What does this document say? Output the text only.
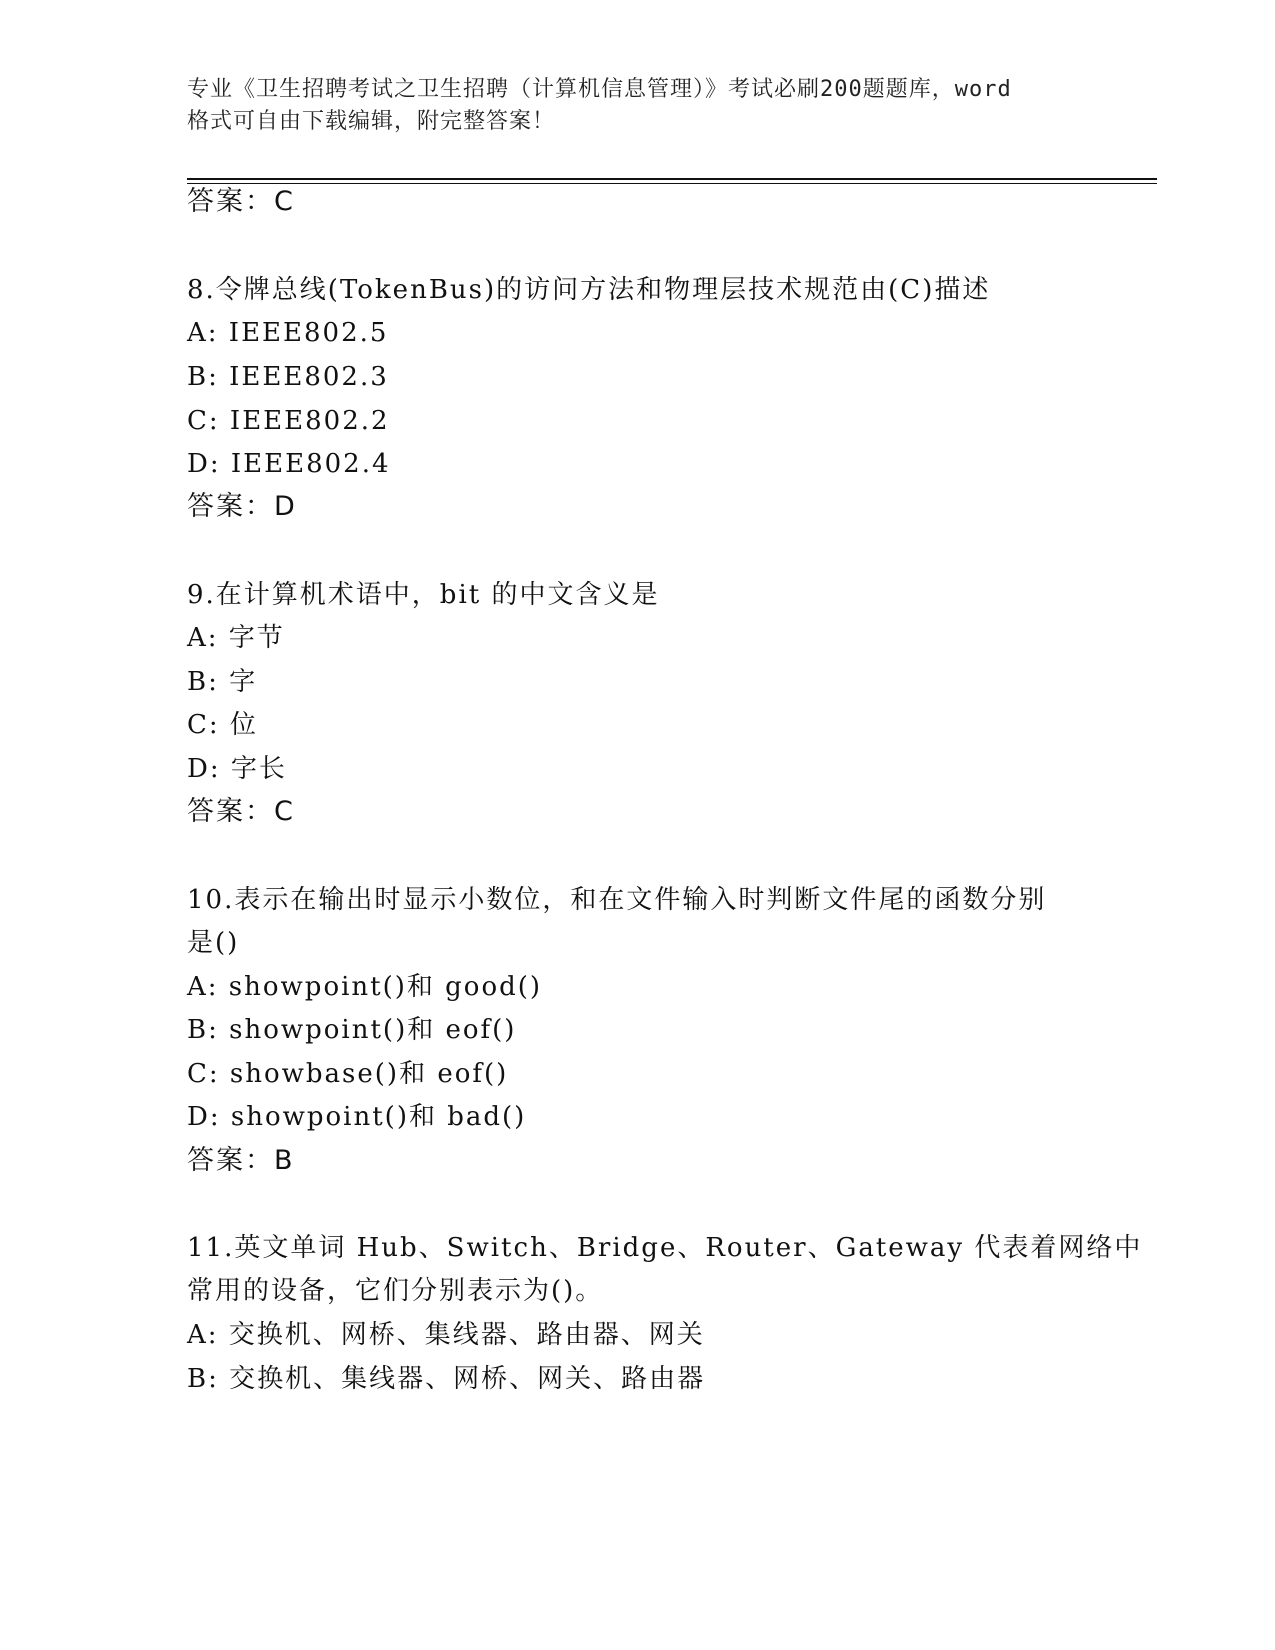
专业《卫生招聘考试之卫生招聘（计算机信息管理）》考试必刷200题题库，word
格式可自由下载编辑，附完整答案！
答案：C
8.令牌总线(TokenBus)的访问方法和物理层技术规范由(C)描述
A: IEEE802.5
B: IEEE802.3
C: IEEE802.2
D: IEEE802.4
答案：D
9.在计算机术语中，bit 的中文含义是
A: 字节
B: 字
C: 位
D: 字长
答案：C
10.表示在输出时显示小数位，和在文件输入时判断文件尾的函数分别
是()
A: showpoint()和 good()
B: showpoint()和 eof()
C: showbase()和 eof()
D: showpoint()和 bad()
答案：B
11.英文单词 Hub、Switch、Bridge、Router、Gateway 代表着网络中
常用的设备，它们分别表示为()。
A: 交换机、网桥、集线器、路由器、网关
B: 交换机、集线器、网桥、网关、路由器
